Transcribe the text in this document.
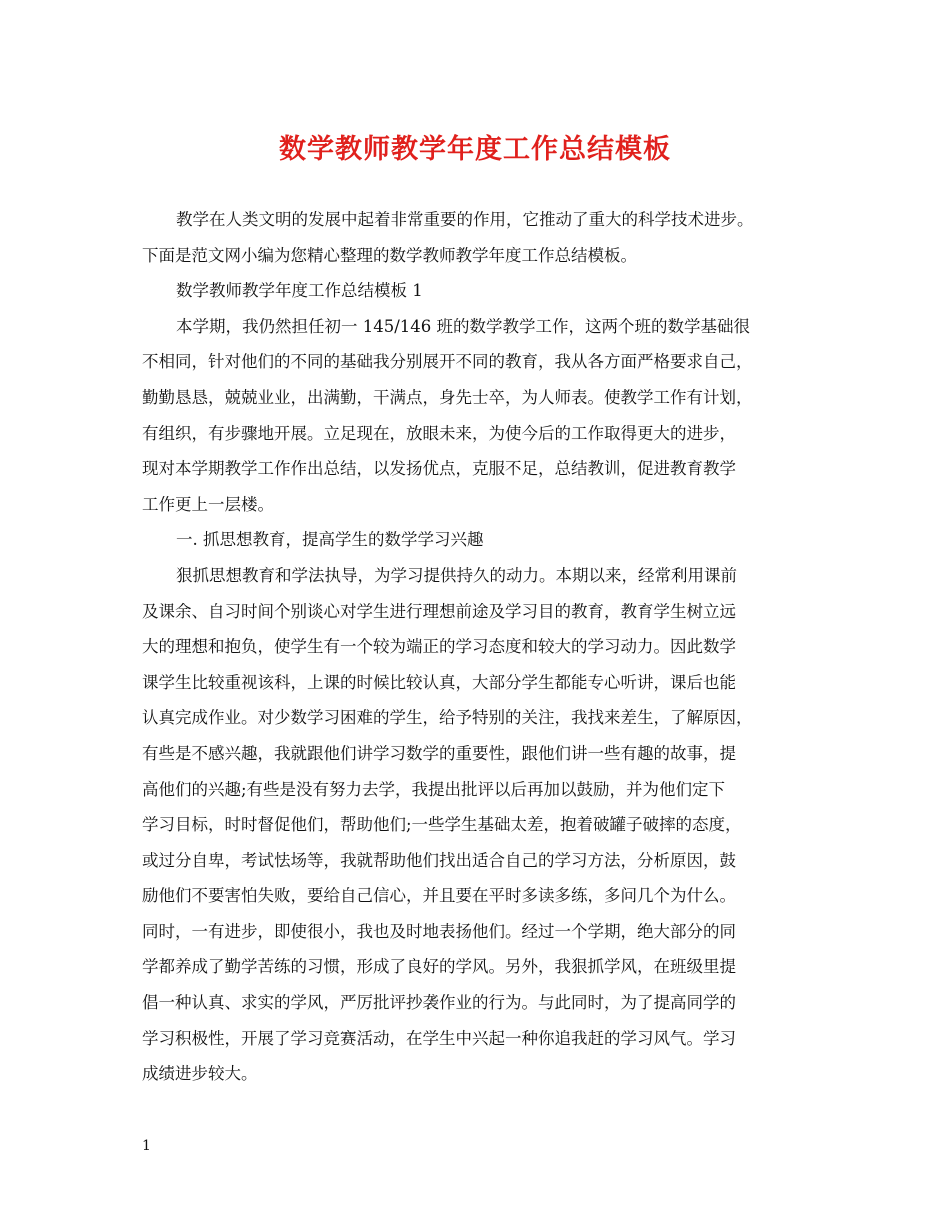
数学教师教学年度工作总结模板
教学在人类文明的发展中起着非常重要的作用，它推动了重大的科学技术进步。
下面是范文网小编为您精心整理的数学教师教学年度工作总结模板。
数学教师教学年度工作总结模板 1
本学期，我仍然担任初一 145/146 班的数学教学工作，这两个班的数学基础很
不相同，针对他们的不同的基础我分别展开不同的教育，我从各方面严格要求自己，
勤勤恳恳，兢兢业业，出满勤，干满点，身先士卒，为人师表。使教学工作有计划，
有组织，有步骤地开展。立足现在，放眼未来，为使今后的工作取得更大的进步，
现对本学期教学工作作出总结，以发扬优点，克服不足，总结教训，促进教育教学
工作更上一层楼。
一. 抓思想教育，提高学生的数学学习兴趣
狠抓思想教育和学法执导，为学习提供持久的动力。本期以来，经常利用课前
及课余、自习时间个别谈心对学生进行理想前途及学习目的教育，教育学生树立远
大的理想和抱负，使学生有一个较为端正的学习态度和较大的学习动力。因此数学
课学生比较重视该科，上课的时候比较认真，大部分学生都能专心听讲，课后也能
认真完成作业。对少数学习困难的学生，给予特别的关注，我找来差生，了解原因，
有些是不感兴趣，我就跟他们讲学习数学的重要性，跟他们讲一些有趣的故事，提
高他们的兴趣;有些是没有努力去学，我提出批评以后再加以鼓励，并为他们定下
学习目标，时时督促他们，帮助他们;一些学生基础太差，抱着破罐子破摔的态度，
或过分自卑，考试怯场等，我就帮助他们找出适合自己的学习方法，分析原因，鼓
励他们不要害怕失败，要给自己信心，并且要在平时多读多练，多问几个为什么。
同时，一有进步，即使很小，我也及时地表扬他们。经过一个学期，绝大部分的同
学都养成了勤学苦练的习惯，形成了良好的学风。另外，我狠抓学风，在班级里提
倡一种认真、求实的学风，严厉批评抄袭作业的行为。与此同时，为了提高同学的
学习积极性，开展了学习竞赛活动，在学生中兴起一种你追我赶的学习风气。学习
成绩进步较大。
1
